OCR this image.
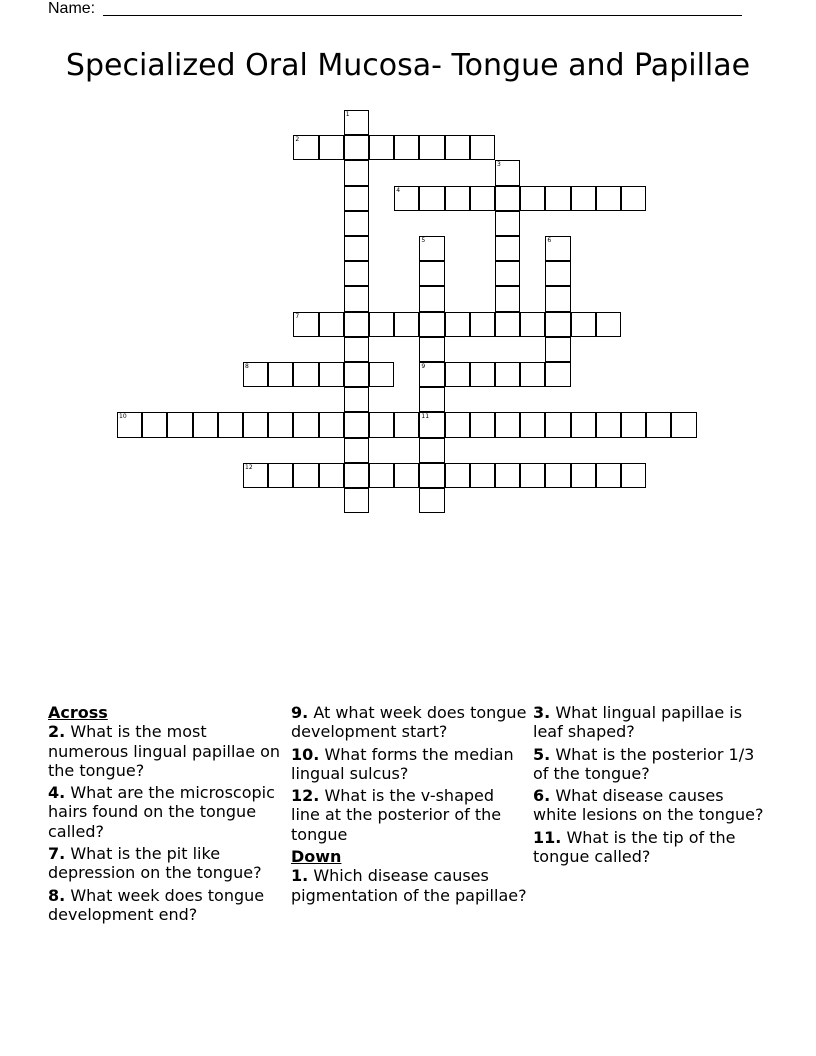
Name:
Specialized Oral Mucosa- Tongue and Papillae
1
2
3
4
5
9
11
6
7
8
10
12
Across
2. What is the most numerous lingual papillae on the tongue?
4. What are the microscopic hairs found on the tongue called?
7. What is the pit like depression on the tongue?
8. What week does tongue development end?
9. At what week does tongue development start?
10. What forms the median lingual sulcus?
12. What is the v-shaped line at the posterior of the tongue
Down
1. Which disease causes pigmentation of the papillae?
3. What lingual papillae is leaf shaped?
5. What is the posterior 1/3 of the tongue?
6. What disease causes white lesions on the tongue?
11. What is the tip of the tongue called?
